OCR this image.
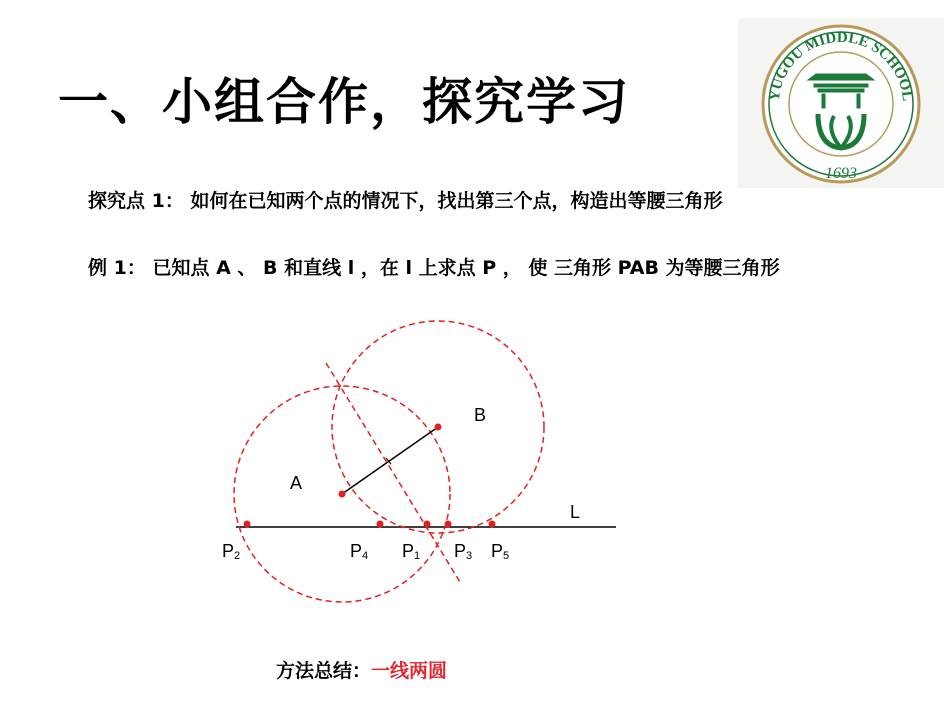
一、小组合作，探究学习	YUGOU MIDDLE SCHOOL
1693
探究点 1： 如何在已知两个点的情况下，找出第三个点，构造出等腰三角形
例 1： 已知点 A 、 B 和直线 l ，在 l 上求点 P ， 使 三角形 PAB 为等腰三角形
B
A
L
P2	P4 P1 P3 P5
方法总结：一线两圆
